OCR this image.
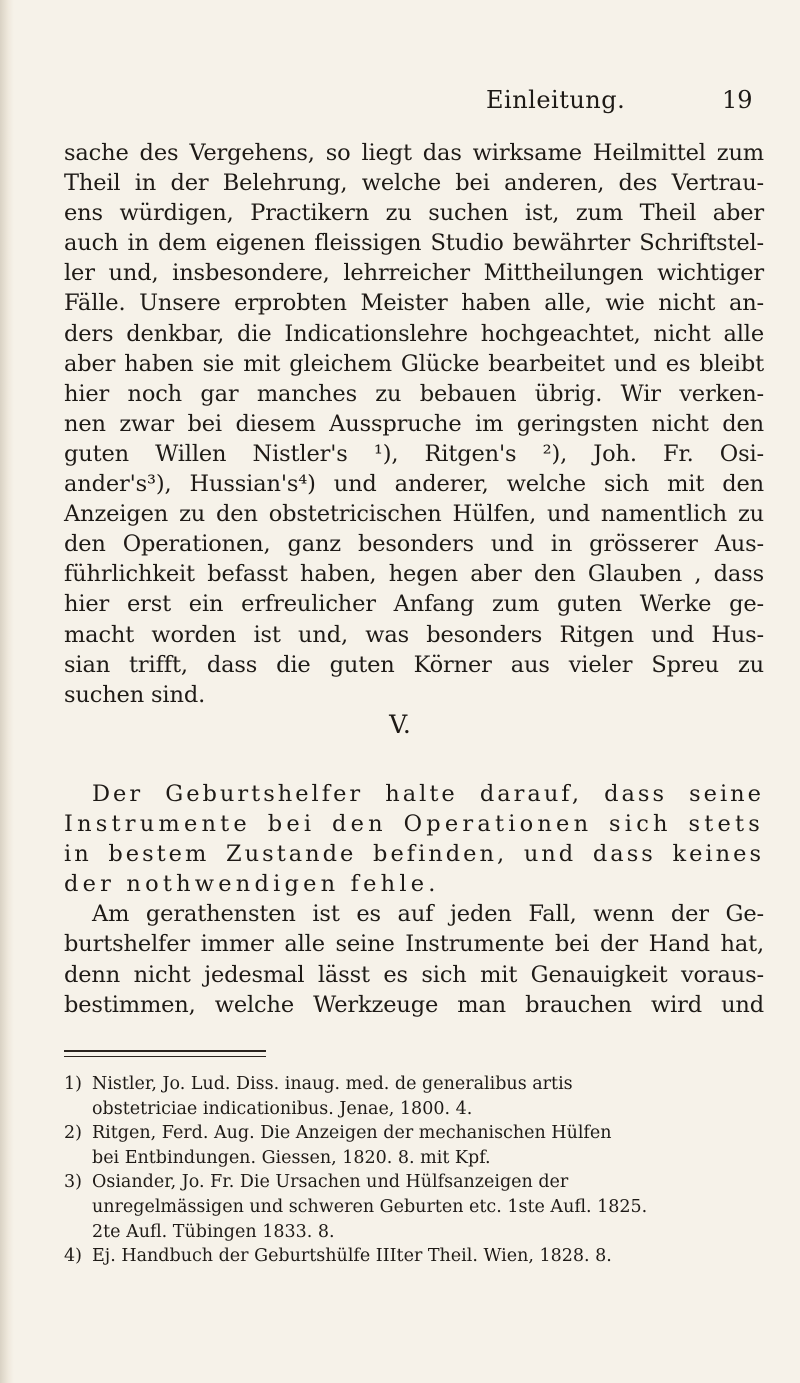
Einleitung.	19
sache des Vergehens, so liegt das wirksame Heilmittel zum
Theil in der Belehrung, welche bei anderen, des Vertrau-
ens würdigen, Practikern zu suchen ist, zum Theil aber
auch in dem eigenen fleissigen Studio bewährter Schriftstel-
ler und, insbesondere, lehrreicher Mittheilungen wichtiger
Fälle. Unsere erprobten Meister haben alle, wie nicht an-
ders denkbar, die Indicationslehre hochgeachtet, nicht alle
aber haben sie mit gleichem Glücke bearbeitet und es bleibt
hier noch gar manches zu bebauen übrig. Wir verken-
nen zwar bei diesem Ausspruche im geringsten nicht den
guten Willen Nistler's ¹), Ritgen's ²), Joh. Fr. Osi-
ander's³), Hussian's⁴) und anderer, welche sich mit den
Anzeigen zu den obstetricischen Hülfen, und namentlich zu
den Operationen, ganz besonders und in grösserer Aus-
führlichkeit befasst haben, hegen aber den Glauben , dass
hier erst ein erfreulicher Anfang zum guten Werke ge-
macht worden ist und, was besonders Ritgen und Hus-
sian trifft, dass die guten Körner aus vieler Spreu zu
suchen sind.
V.
Der Geburtshelfer halte darauf, dass seine
Instrumente bei den Operationen sich stets
in bestem Zustande befinden, und dass keines
der nothwendigen fehle.
Am gerathensten ist es auf jeden Fall, wenn der Ge-
burtshelfer immer alle seine Instrumente bei der Hand hat,
denn nicht jedesmal lässt es sich mit Genauigkeit voraus-
bestimmen, welche Werkzeuge man brauchen wird und
1) Nistler, Jo. Lud. Diss. inaug. med. de generalibus artis
obstetriciae indicationibus. Jenae, 1800. 4.
2) Ritgen, Ferd. Aug. Die Anzeigen der mechanischen Hülfen
bei Entbindungen. Giessen, 1820. 8. mit Kpf.
3) Osiander, Jo. Fr. Die Ursachen und Hülfsanzeigen der
unregelmässigen und schweren Geburten etc. 1ste Aufl. 1825.
2te Aufl. Tübingen 1833. 8.
4) Ej. Handbuch der Geburtshülfe IIIter Theil. Wien, 1828. 8.
